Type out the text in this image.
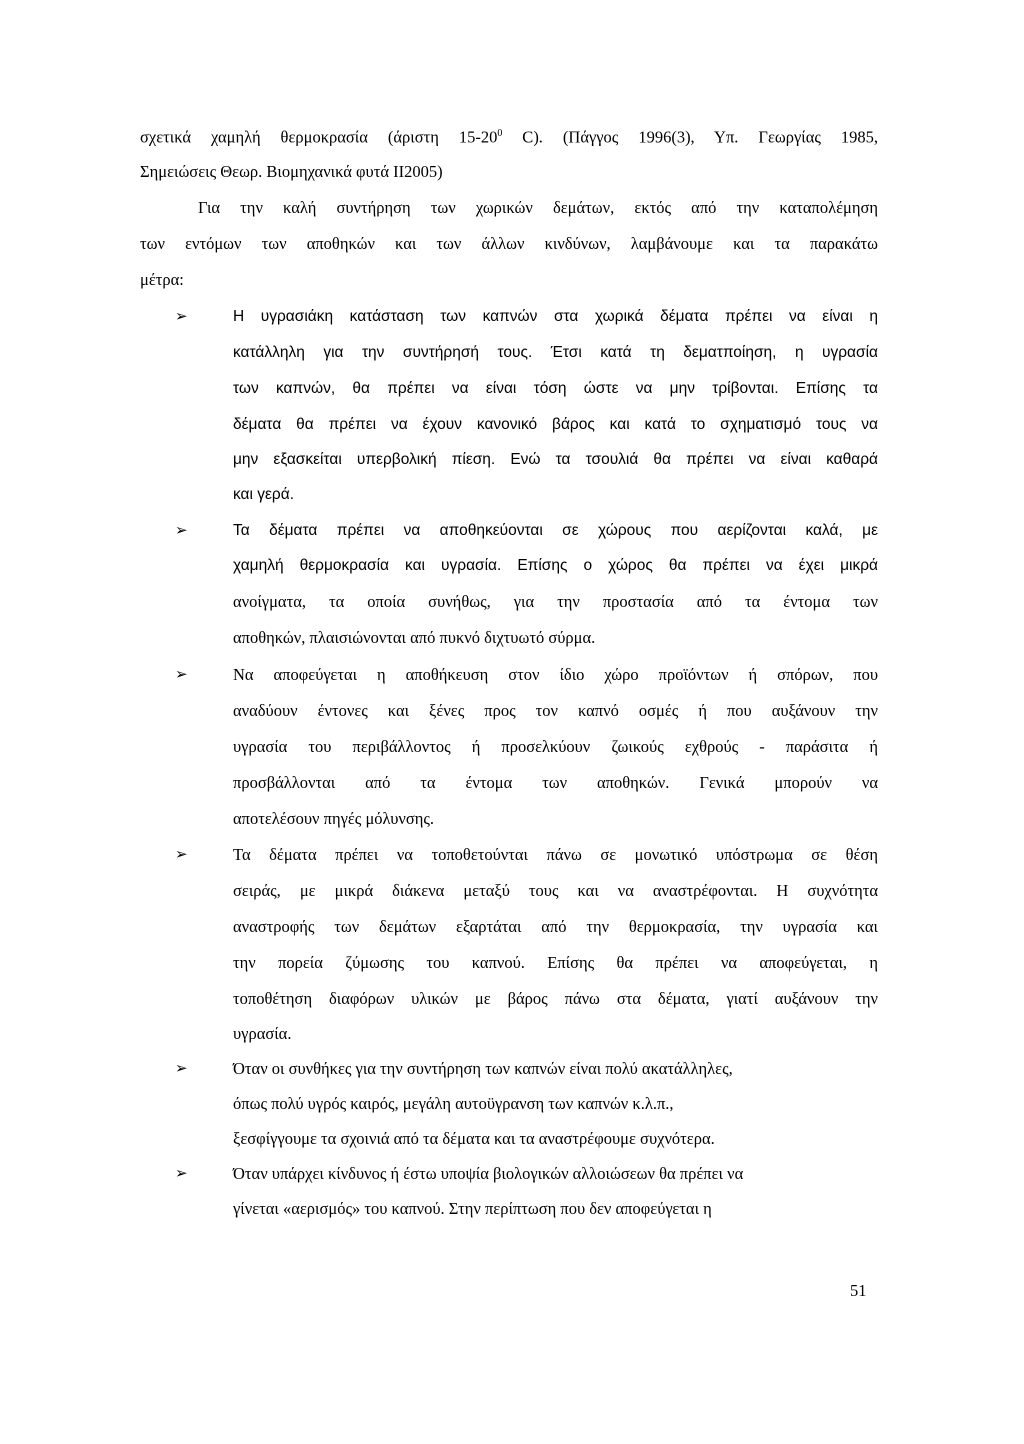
σχετικά χαμηλή θερμοκρασία (άριστη $15-20^0$ C). (Πάγγος 1996(3), Υπ. Γεωργίας 1985,
Σημειώσεις Θεωρ. Βιομηχανικά φυτά ΙΙ2005)
Για την καλή συντήρηση των χωρικών δεμάτων, εκτός από την καταπολέμηση
των εντόμων των αποθηκών και των άλλων κινδύνων, λαμβάνουμε και τα παρακάτω
μέτρα:
➢	Η υγρασιάκη κατάσταση των καπνών στα χωρικά δέματα πρέπει να είναι η
κατάλληλη για την συντήρησή τους. Έτσι κατά τη δεματποίηση, η υγρασία
των καπνών, θα πρέπει να είναι τόση ώστε να μην τρίβονται. Επίσης τα
δέματα θα πρέπει να έχουν κανονικό βάρος και κατά το σχηματισμό τους να
μην εξασκείται υπερβολική πίεση. Ενώ τα τσουλιά θα πρέπει να είναι καθαρά
και γερά.
➢	Τα δέματα πρέπει να αποθηκεύονται σε χώρους που αερίζονται καλά, με
χαμηλή θερμοκρασία και υγρασία. Επίσης ο χώρος θα πρέπει να έχει μικρά
ανοίγματα, τα οποία συνήθως, για την προστασία από τα έντομα των
αποθηκών, πλαισιώνονται από πυκνό διχτυωτό σύρμα.
➢	Να αποφεύγεται η αποθήκευση στον ίδιο χώρο προϊόντων ή σπόρων, που
αναδύουν έντονες και ξένες προς τον καπνό οσμές ή που αυξάνουν την
υγρασία του περιβάλλοντος ή προσελκύουν ζωικούς εχθρούς - παράσιτα ή
προσβάλλονται από τα έντομα των αποθηκών. Γενικά μπορούν να
αποτελέσουν πηγές μόλυνσης.
➢	Τα δέματα πρέπει να τοποθετούνται πάνω σε μονωτικό υπόστρωμα σε θέση
σειράς, με μικρά διάκενα μεταξύ τους και να αναστρέφονται. Η συχνότητα
αναστροφής των δεμάτων εξαρτάται από την θερμοκρασία, την υγρασία και
την πορεία ζύμωσης του καπνού. Επίσης θα πρέπει να αποφεύγεται, η
τοποθέτηση διαφόρων υλικών με βάρος πάνω στα δέματα, γιατί αυξάνουν την
υγρασία.
➢	Όταν οι συνθήκες για την συντήρηση των καπνών είναι πολύ ακατάλληλες,
όπως πολύ υγρός καιρός, μεγάλη αυτοϋγρανση των καπνών κ.λ.π.,
ξεσφίγγουμε τα σχοινιά από τα δέματα και τα αναστρέφουμε συχνότερα.
➢	Όταν υπάρχει κίνδυνος ή έστω υποψία βιολογικών αλλοιώσεων θα πρέπει να
γίνεται «αερισμός» του καπνού. Στην περίπτωση που δεν αποφεύγεται η
51
